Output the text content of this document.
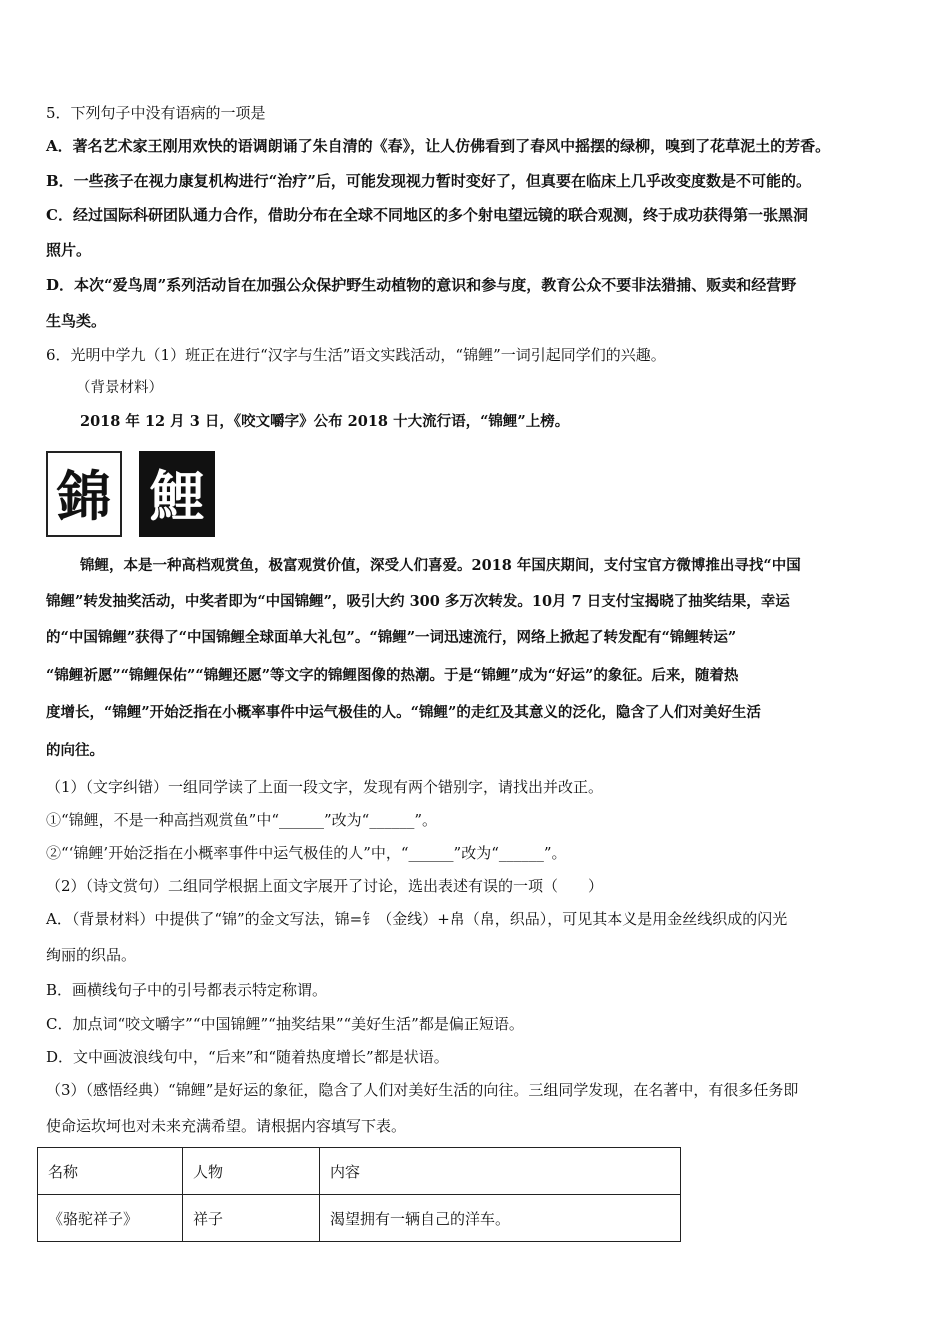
5．下列句子中没有语病的一项是
A．著名艺术家王刚用欢快的语调朗诵了朱自清的《春》，让人仿佛看到了春风中摇摆的绿柳，嗅到了花草泥土的芳香。
B．一些孩子在视力康复机构进行“治疗”后，可能发现视力暂时变好了，但真要在临床上几乎改变度数是不可能的。
C．经过国际科研团队通力合作，借助分布在全球不同地区的多个射电望远镜的联合观测，终于成功获得第一张黑洞
照片。
D．本次“爱鸟周”系列活动旨在加强公众保护野生动植物的意识和参与度，教育公众不要非法猎捕、贩卖和经营野
生鸟类。
6．光明中学九（1）班正在进行“汉字与生活”语文实践活动，“锦鲤”一词引起同学们的兴趣。
（背景材料）
2018 年 12 月 3 日，《咬文嚼字》公布 2018 十大流行语，“锦鲤”上榜。
錦 鯉
锦鲤，本是一种高档观赏鱼，极富观赏价值，深受人们喜爱。2018 年国庆期间，支付宝官方微博推出寻找“中国
锦鲤”转发抽奖活动，中奖者即为“中国锦鲤”，吸引大约 300 多万次转发。10月 7 日支付宝揭晓了抽奖结果，幸运
的“中国锦鲤”获得了“中国锦鲤全球面单大礼包”。“锦鲤”一词迅速流行，网络上掀起了转发配有“锦鲤转运”
“锦鲤祈愿”“锦鲤保佑”“锦鲤还愿”等文字的锦鲤图像的热潮。于是“锦鲤”成为“好运”的象征。后来，随着热
度增长，“锦鲤”开始泛指在小概率事件中运气极佳的人。“锦鲤”的走红及其意义的泛化，隐含了人们对美好生活
的向往。
（1）（文字纠错）一组同学读了上面一段文字，发现有两个错别字，请找出并改正。
①“锦鲤，不是一种高挡观赏鱼”中“______”改为“______”。
②“‘锦鲤’开始泛指在小概率事件中运气极佳的人”中，“______”改为“______”。
（2）（诗文赏句）二组同学根据上面文字展开了讨论，选出表述有误的一项（　　）
A．（背景材料）中提供了“锦”的金文写法，锦=钅（金线）+帛（帛，织品），可见其本义是用金丝线织成的闪光
绚丽的织品。
B．画横线句子中的引号都表示特定称谓。
C．加点词“咬文嚼字”“中国锦鲤”“抽奖结果”“美好生活”都是偏正短语。
D．文中画波浪线句中，“后来”和“随着热度增长”都是状语。
（3）（感悟经典）“锦鲤”是好运的象征，隐含了人们对美好生活的向往。三组同学发现，在名著中，有很多任务即
使命运坎坷也对未来充满希望。请根据内容填写下表。
名称	人物	内容
《骆驼祥子》	祥子	渴望拥有一辆自己的洋车。
